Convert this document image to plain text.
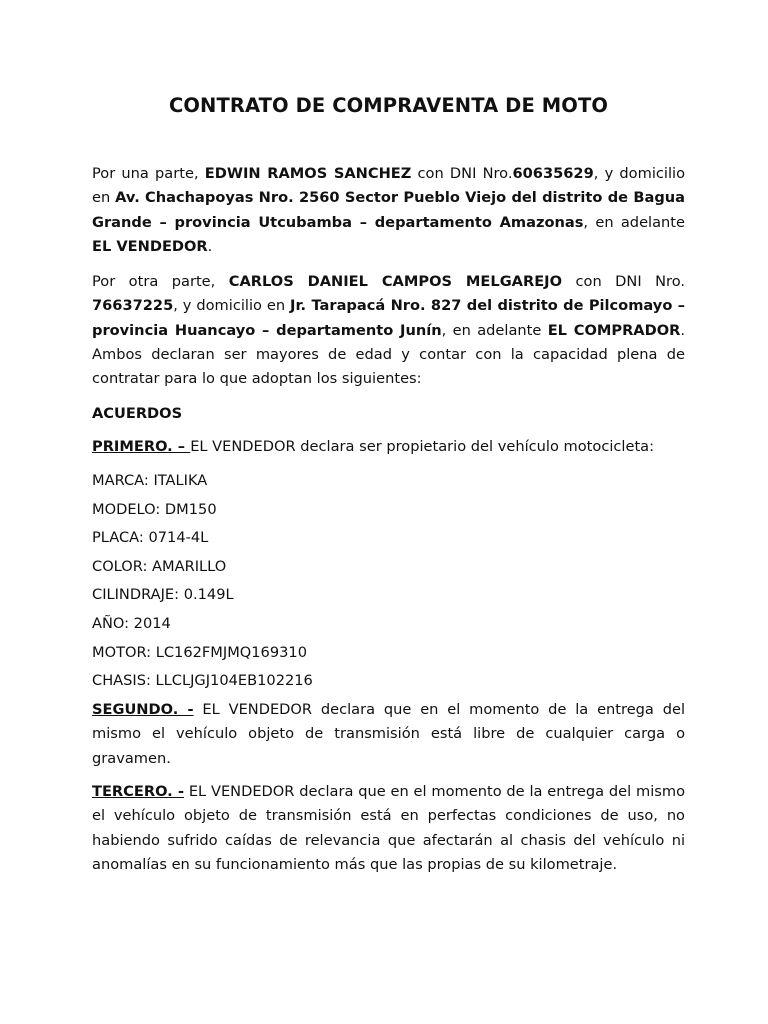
CONTRATO DE COMPRAVENTA DE MOTO

Por una parte, EDWIN RAMOS SANCHEZ con DNI Nro.60635629, y domicilio en Av. Chachapoyas Nro. 2560 Sector Pueblo Viejo del distrito de Bagua Grande – provincia Utcubamba – departamento Amazonas, en adelante EL VENDEDOR.

Por otra parte, CARLOS DANIEL CAMPOS MELGAREJO con DNI Nro. 76637225, y domicilio en Jr. Tarapacá Nro. 827 del distrito de Pilcomayo – provincia Huancayo – departamento Junín, en adelante EL COMPRADOR. Ambos declaran ser mayores de edad y contar con la capacidad plena de contratar para lo que adoptan los siguientes:

ACUERDOS

PRIMERO. – EL VENDEDOR declara ser propietario del vehículo motocicleta:

MARCA: ITALIKA

MODELO: DM150

PLACA: 0714-4L

COLOR: AMARILLO

CILINDRAJE: 0.149L

AÑO: 2014

MOTOR: LC162FMJMQ169310

CHASIS: LLCLJGJ104EB102216

SEGUNDO. - EL VENDEDOR declara que en el momento de la entrega del mismo el vehículo objeto de transmisión está libre de cualquier carga o gravamen.

TERCERO. - EL VENDEDOR declara que en el momento de la entrega del mismo el vehículo objeto de transmisión está en perfectas condiciones de uso, no habiendo sufrido caídas de relevancia que afectarán al chasis del vehículo ni anomalías en su funcionamiento más que las propias de su kilometraje.
